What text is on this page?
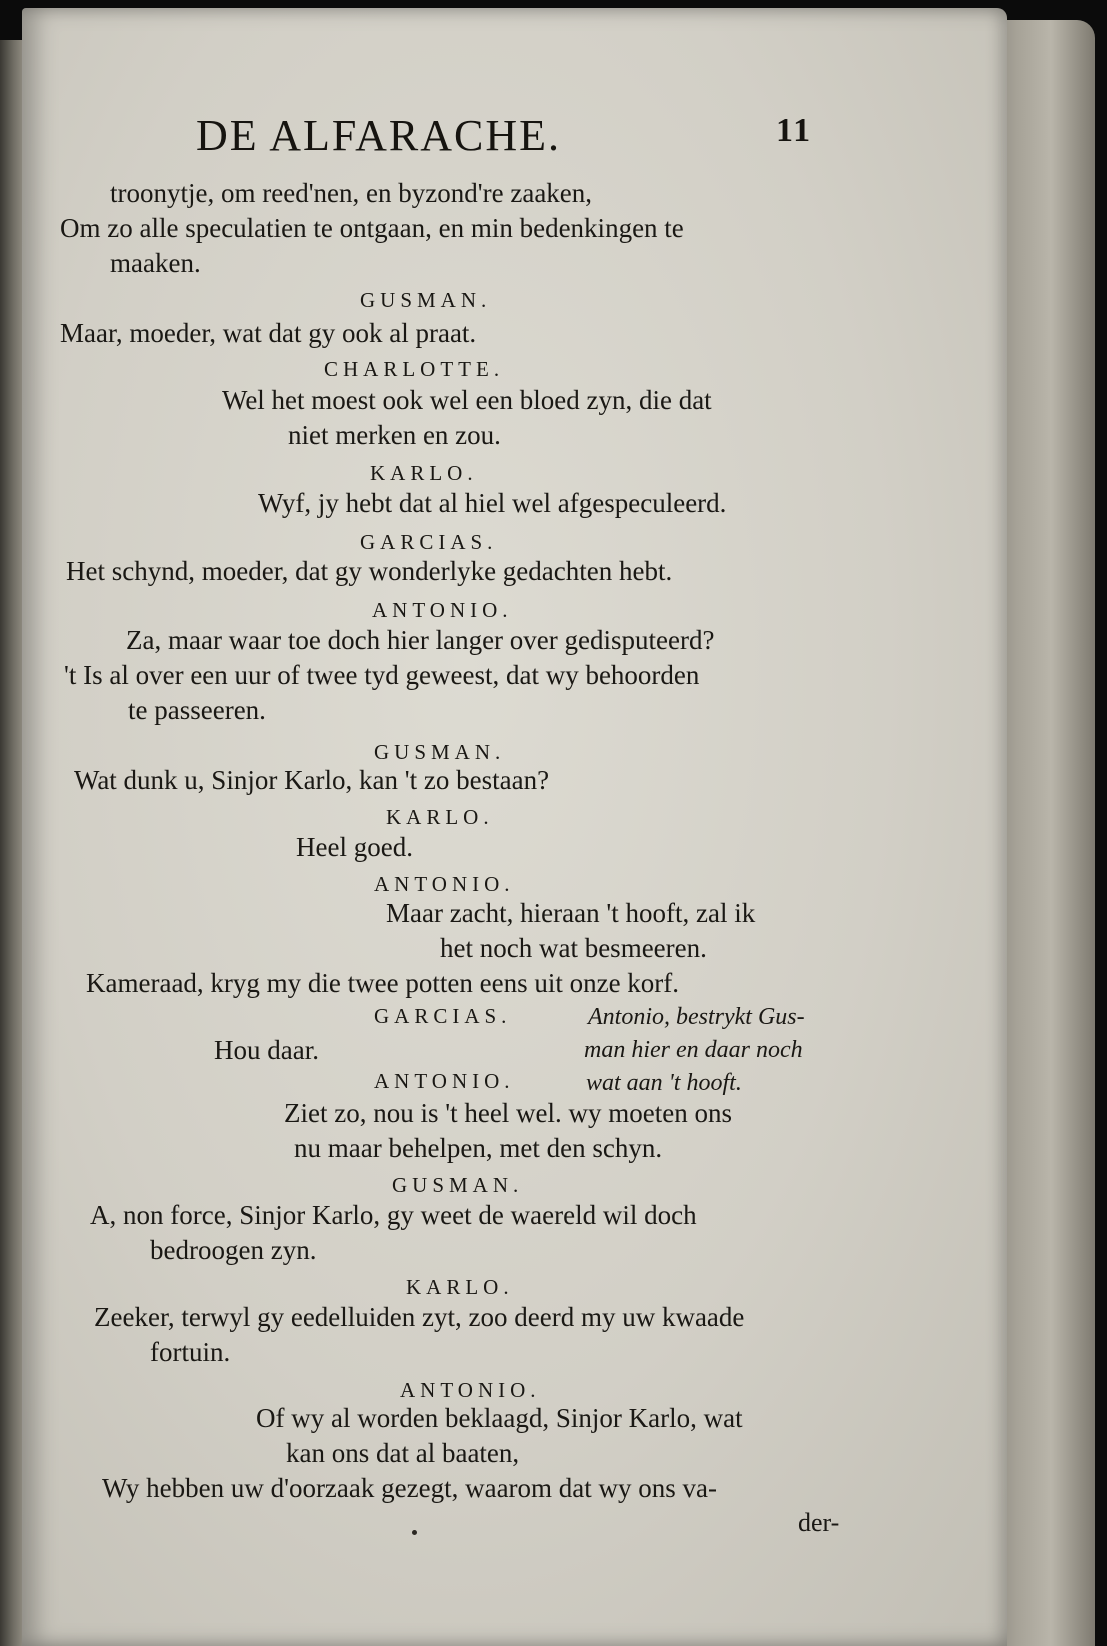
DE ALFARACHE.	11
troonytje, om reed'nen, en byzond're zaaken,
Om zo alle speculatien te ontgaan, en min bedenkingen te
maaken.
GUSMAN.
Maar, moeder, wat dat gy ook al praat.
CHARLOTTE.
Wel het moest ook wel een bloed zyn, die dat
niet merken en zou.
KARLO.
Wyf, jy hebt dat al hiel wel afgespeculeerd.
GARCIAS.
Het schynd, moeder, dat gy wonderlyke gedachten hebt.
ANTONIO.
Za, maar waar toe doch hier langer over gedisputeerd?
't Is al over een uur of twee tyd geweest, dat wy behoorden
te passeeren.
GUSMAN.
Wat dunk u, Sinjor Karlo, kan 't zo bestaan?
KARLO.
Heel goed.
ANTONIO.
Maar zacht, hieraan 't hooft, zal ik
het noch wat besmeeren.
Kameraad, kryg my die twee potten eens uit onze korf.
GARCIAS.
Hou daar.
ANTONIO.
Ziet zo, nou is 't heel wel. wy moeten ons
nu maar behelpen, met den schyn.
GUSMAN.
A, non force, Sinjor Karlo, gy weet de waereld wil doch
bedroogen zyn.
KARLO.
Zeeker, terwyl gy eedelluiden zyt, zoo deerd my uw kwaade
fortuin.
ANTONIO.
Of wy al worden beklaagd, Sinjor Karlo, wat
kan ons dat al baaten,
Wy hebben uw d'oorzaak gezegt, waarom dat wy ons va-
Antonio, bestrykt Gus-
man hier en daar noch
wat aan 't hooft.
der-
